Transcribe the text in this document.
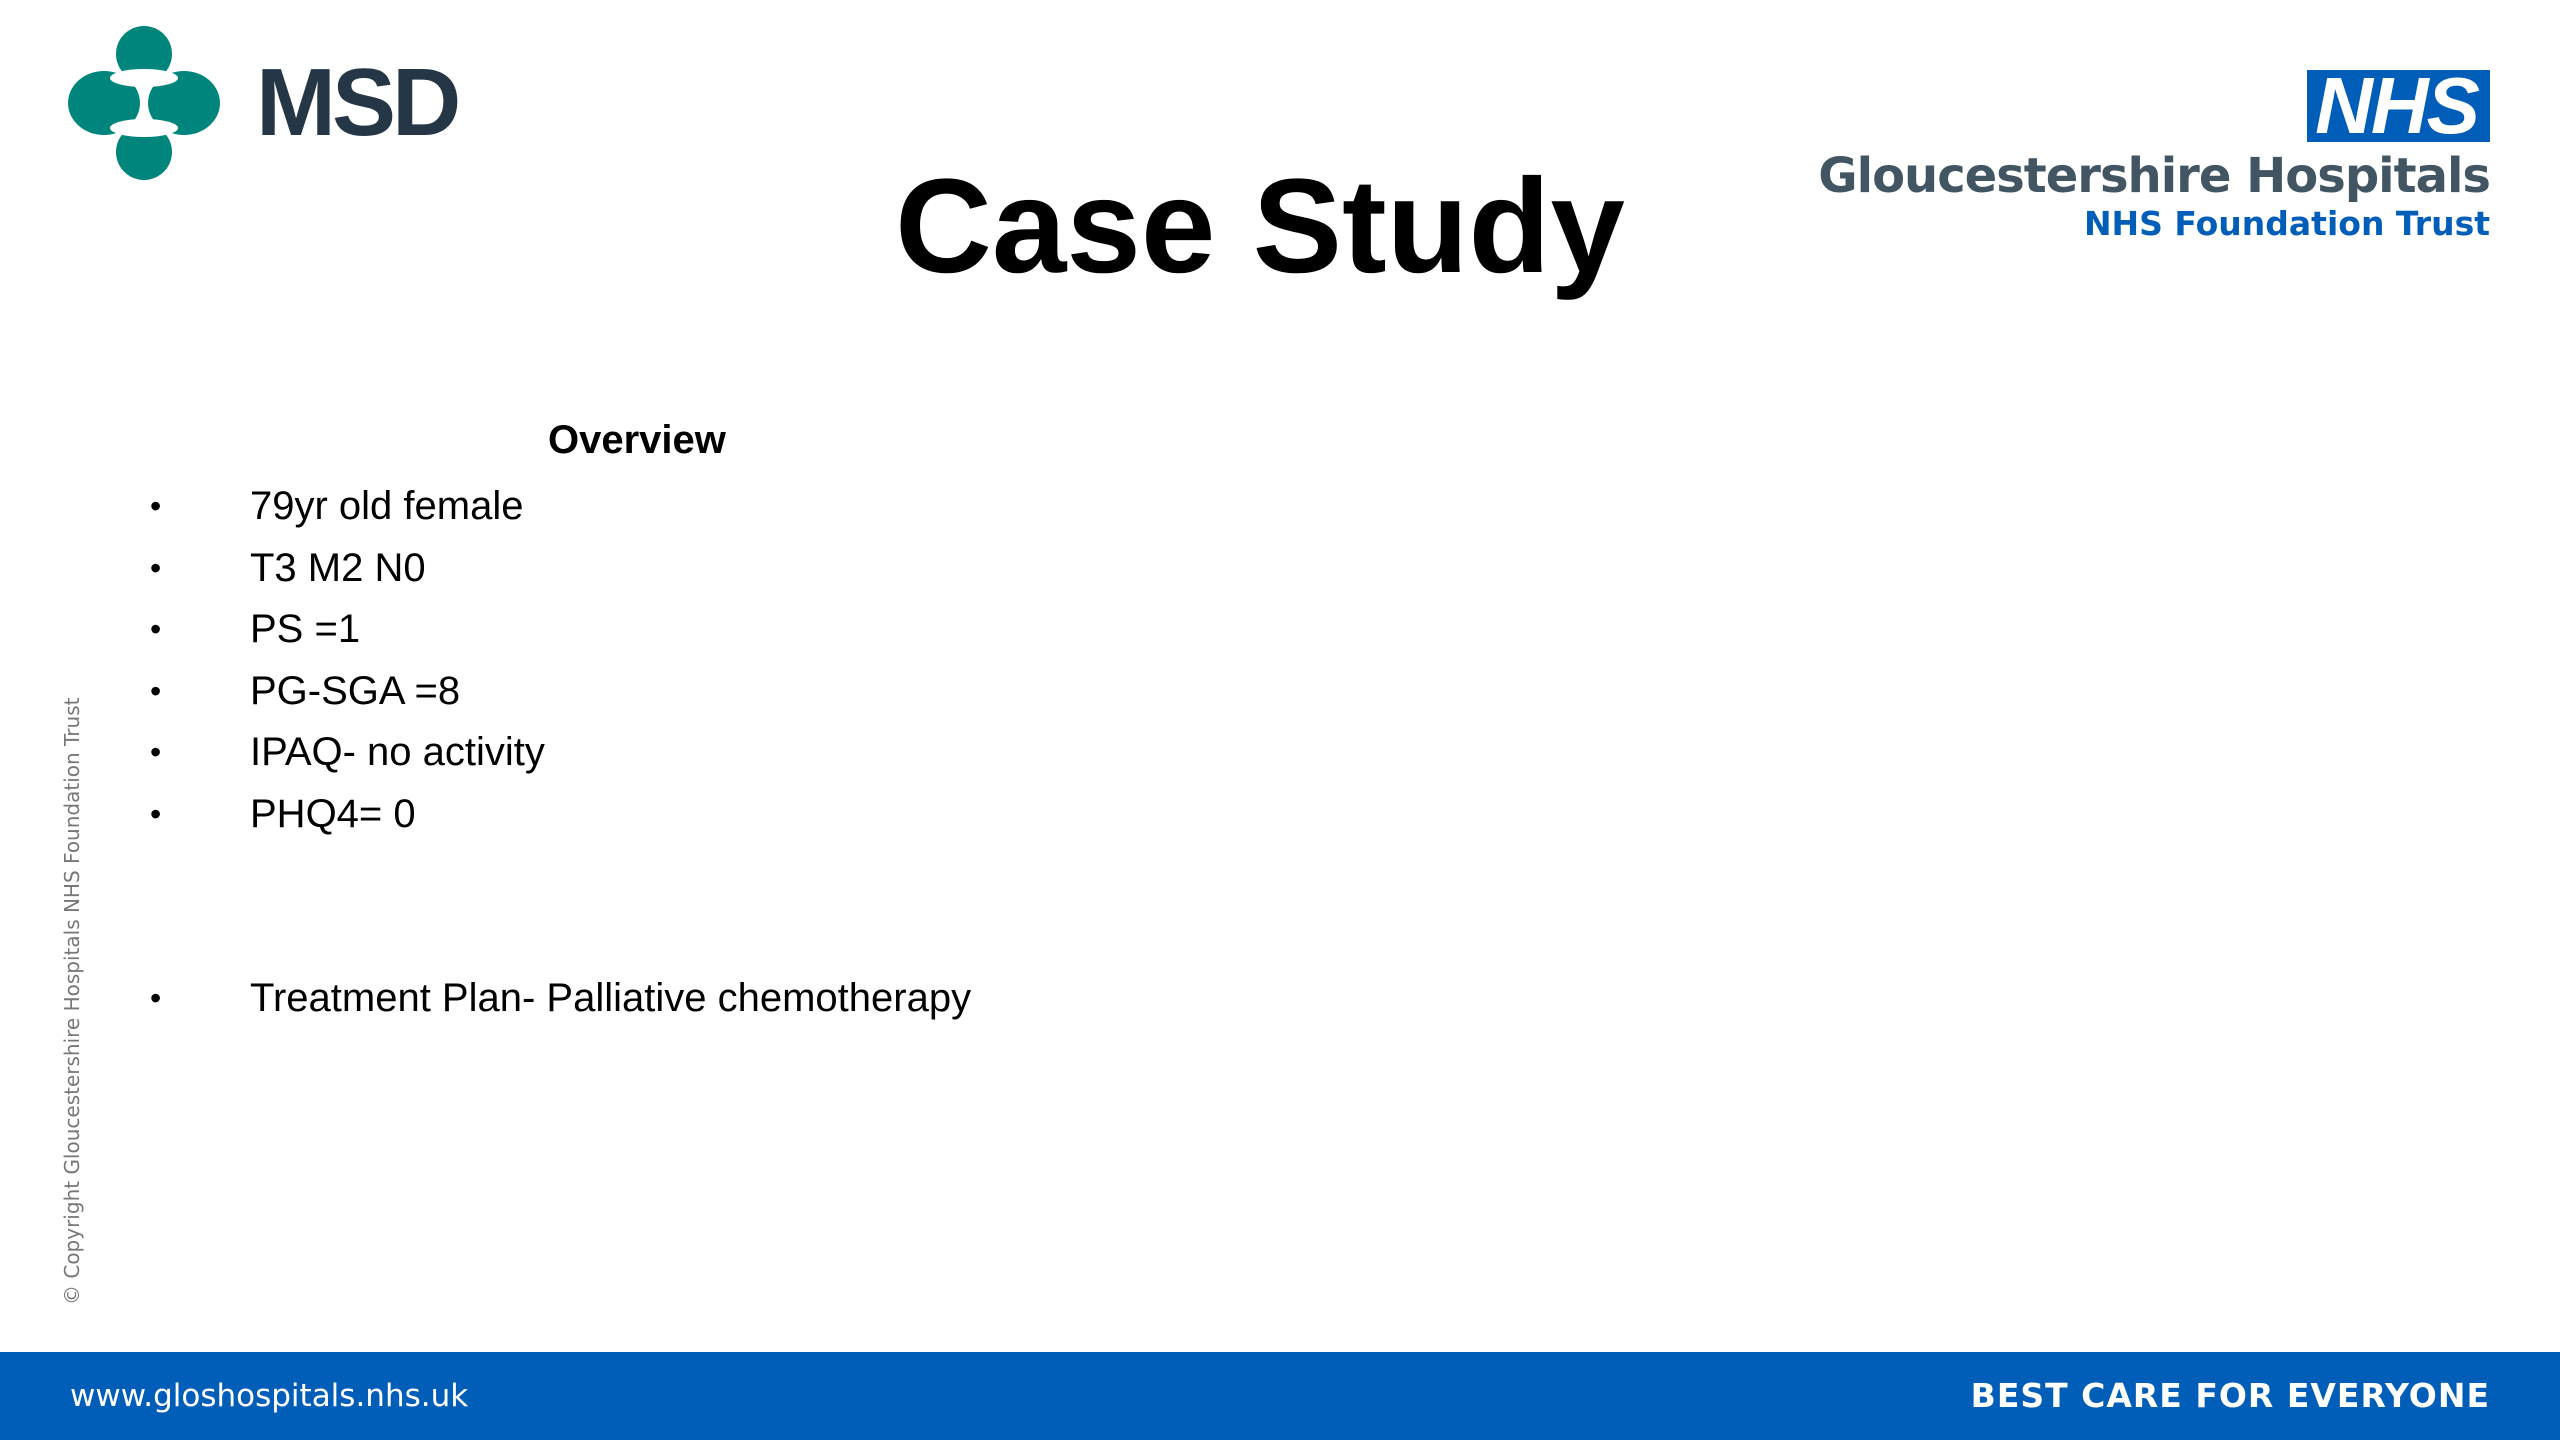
MSD
Case Study
NHS
Gloucestershire Hospitals
NHS Foundation Trust
Overview
• 79yr old female
• T3 M2 N0
• PS =1
• PG-SGA =8
• IPAQ- no activity
• PHQ4= 0
• Treatment Plan- Palliative chemotherapy
© Copyright Gloucestershire Hospitals NHS Foundation Trust
www.gloshospitals.nhs.uk	BEST CARE FOR EVERYONE
